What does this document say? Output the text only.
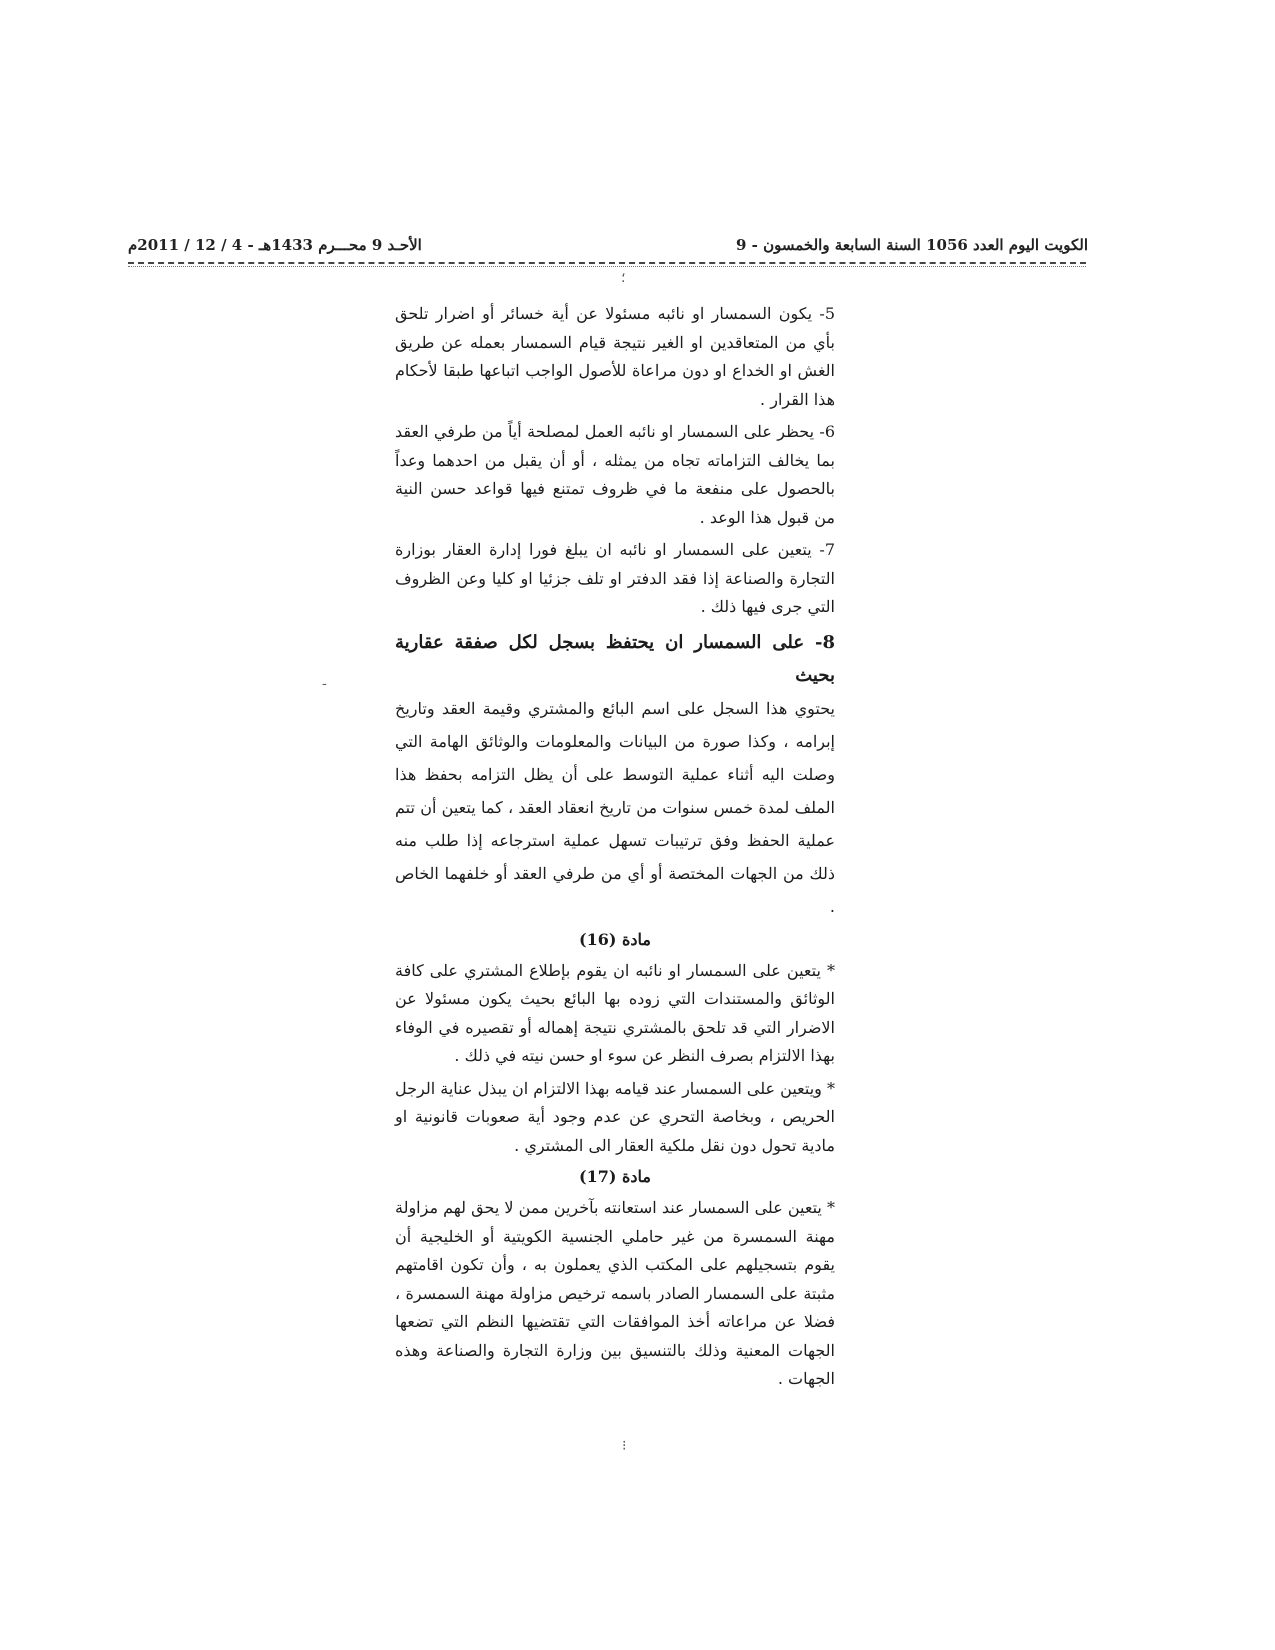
الكويت اليوم العدد 1056 السنة السابعة والخمسون - 9
الأحـد 9 محـــرم 1433هـ - 4 / 12 / 2011م
؛
-
⁝

5- يكون السمسار او نائبه مسئولا عن أية خسائر أو اضرار تلحق بأي من المتعاقدين او الغير نتيجة قيام السمسار بعمله عن طريق الغش او الخداع او دون مراعاة للأصول الواجب اتباعها طبقا لأحكام هذا القرار .

6- يحظر على السمسار او نائبه العمل لمصلحة أياً من طرفي العقد بما يخالف التزاماته تجاه من يمثله ، أو أن يقبل من احدهما وعداً بالحصول على منفعة ما في ظروف تمتنع فيها قواعد حسن النية من قبول هذا الوعد .

7- يتعين على السمسار او نائبه ان يبلغ فورا إدارة العقار بوزارة التجارة والصناعة إذا فقد الدفتر او تلف جزئيا او كليا وعن الظروف التي جرى فيها ذلك .

8- على السمسار ان يحتفظ بسجل لكل صفقة عقارية بحيث
يحتوي هذا السجل على اسم البائع والمشتري وقيمة العقد وتاريخ إبرامه ، وكذا صورة من البيانات والمعلومات والوثائق الهامة التي وصلت اليه أثناء عملية التوسط على أن يظل التزامه بحفظ هذا الملف لمدة خمس سنوات من تاريخ انعقاد العقد ، كما يتعين أن تتم عملية الحفظ وفق ترتيبات تسهل عملية استرجاعه إذا طلب منه ذلك من الجهات المختصة أو أي من طرفي العقد أو خلفهما الخاص .
مادة (16)

* يتعين على السمسار او نائبه ان يقوم بإطلاع المشتري على كافة الوثائق والمستندات التي زوده بها البائع بحيث يكون مسئولا عن الاضرار التي قد تلحق بالمشتري نتيجة إهماله أو تقصيره في الوفاء بهذا الالتزام بصرف النظر عن سوء او حسن نيته في ذلك .

* ويتعين على السمسار عند قيامه بهذا الالتزام ان يبذل عناية الرجل الحريص ، وبخاصة التحري عن عدم وجود أية صعوبات قانونية او مادية تحول دون نقل ملكية العقار الى المشتري .

مادة (17)

* يتعين على السمسار عند استعانته بآخرين ممن لا يحق لهم مزاولة مهنة السمسرة من غير حاملي الجنسية الكويتية أو الخليجية أن يقوم بتسجيلهم على المكتب الذي يعملون به ، وأن تكون اقامتهم مثبتة على السمسار الصادر باسمه ترخيص مزاولة مهنة السمسرة ، فضلا عن مراعاته أخذ الموافقات التي تقتضيها النظم التي تضعها الجهات المعنية وذلك بالتنسيق بين وزارة التجارة والصناعة وهذه الجهات .
